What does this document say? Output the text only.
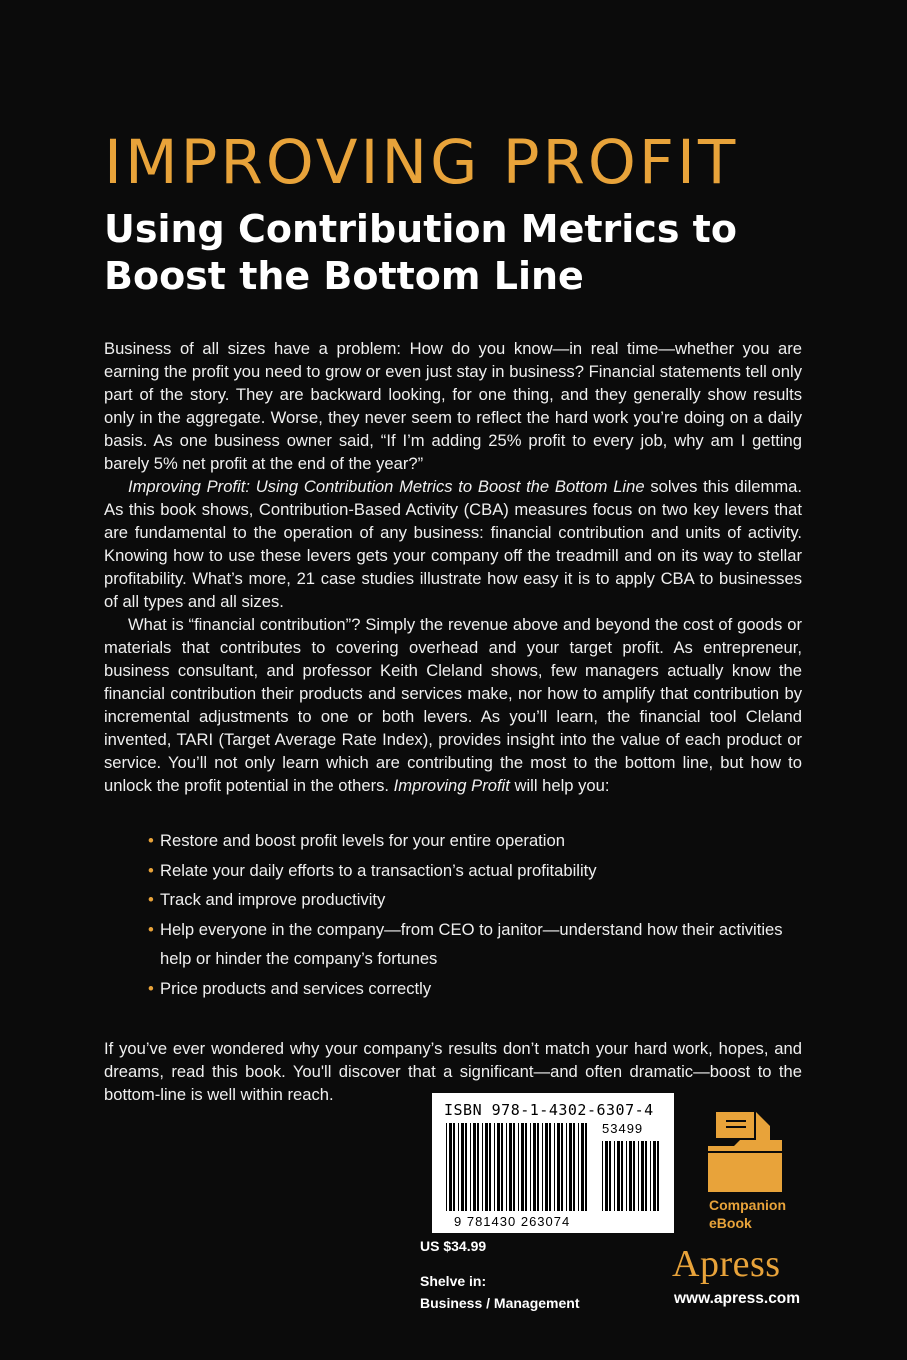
IMPROVING PROFIT
Using Contribution Metrics to Boost the Bottom Line

Business of all sizes have a problem: How do you know—in real time—whether you are earning the profit you need to grow or even just stay in business? Financial statements tell only part of the story. They are backward looking, for one thing, and they generally show results only in the aggregate. Worse, they never seem to reflect the hard work you’re doing on a daily basis. As one business owner said, “If I’m adding 25% profit to every job, why am I getting barely 5% net profit at the end of the year?”

Improving Profit: Using Contribution Metrics to Boost the Bottom Line solves this dilemma. As this book shows, Contribution-Based Activity (CBA) measures focus on two key levers that are fundamental to the operation of any business: financial contribution and units of activity. Knowing how to use these levers gets your company off the treadmill and on its way to stellar profitability. What’s more, 21 case studies illustrate how easy it is to apply CBA to businesses of all types and all sizes.

What is “financial contribution”? Simply the revenue above and beyond the cost of goods or materials that contributes to covering overhead and your target profit. As entrepreneur, business consultant, and professor Keith Cleland shows, few managers actually know the financial contribution their products and services make, nor how to amplify that contribution by incremental adjustments to one or both levers. As you’ll learn, the financial tool Cleland invented, TARI (Target Average Rate Index), provides insight into the value of each product or service. You’ll not only learn which are contributing the most to the bottom line, but how to unlock the profit potential in the others. Improving Profit will help you:

• Restore and boost profit levels for your entire operation
• Relate your daily efforts to a transaction’s actual profitability
• Track and improve productivity
• Help everyone in the company—from CEO to janitor—understand how their activities help or hinder the company’s fortunes
• Price products and services correctly

If you’ve ever wondered why your company’s results don’t match your hard work, hopes, and dreams, read this book. You'll discover that a significant—and often dramatic—boost to the bottom-line is well within reach.

ISBN 978-1-4302-6307-4
53499
9 781430 263074
US $34.99
Shelve in:
Business / Management
Companion
eBook
Apress
www.apress.com
